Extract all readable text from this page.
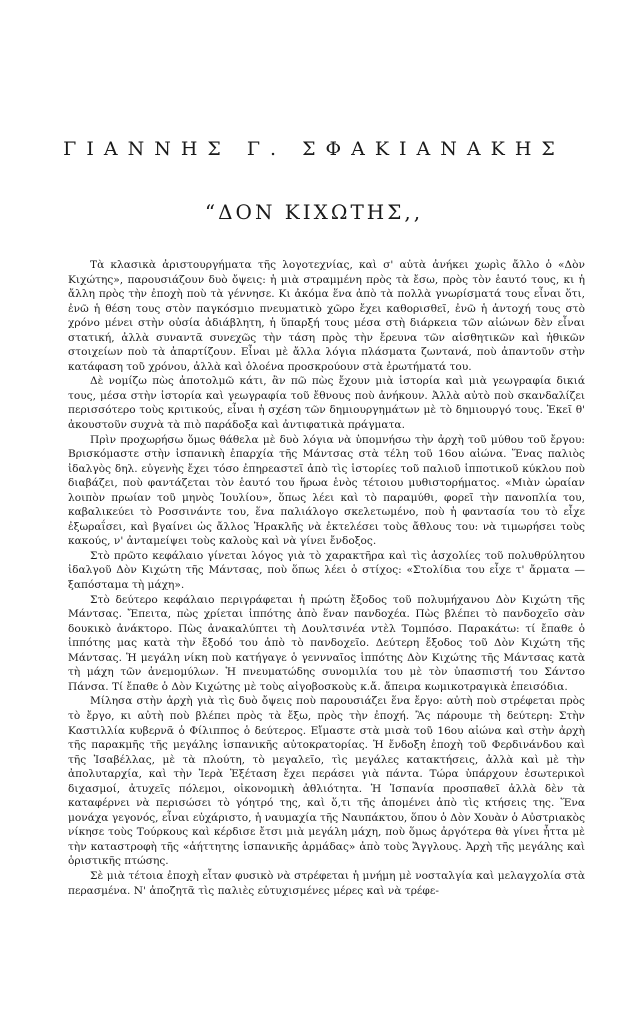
ΓΙΑΝΝΗΣ Γ. ΣΦΑΚΙΑΝΑΚΗΣ
“ΔΟΝ ΚΙΧΩΤΗΣ,,

Τὰ κλασικὰ ἀριστουργήματα τῆς λογοτεχνίας, καὶ σ' αὐτὰ ἀνήκει χωρὶς ἄλλο ὁ «Δὸν Κιχώτης», παρουσιάζουν δυὸ ὄψεις: ἡ μιὰ στραμμένη πρὸς τὰ ἔσω, πρὸς τὸν ἑαυτό τους, κι ἡ ἄλλη πρὸς τὴν ἐποχὴ ποὺ τὰ γέννησε. Κι ἀκόμα ἕνα ἀπὸ τὰ πολλὰ γνωρίσματά τους εἶναι ὅτι, ἐνῶ ἡ θέση τους στὸν παγκόσμιο πνευματικὸ χῶρο ἔχει καθορισθεῖ, ἐνῶ ἡ ἀντοχή τους στὸ χρόνο μένει στὴν οὐσία ἀδιάβλητη, ἡ ὕπαρξή τους μέσα στὴ διάρκεια τῶν αἰώνων δὲν εἶναι στατική, ἀλλὰ συναντᾶ συνεχῶς τὴν τάση πρὸς τὴν ἔρευνα τῶν αἰσθητικῶν καὶ ἠθικῶν στοιχείων ποὺ τὰ ἀπαρτίζουν. Εἶναι μὲ ἄλλα λόγια πλάσματα ζωντανά, ποὺ ἀπαντοῦν στὴν κατάφαση τοῦ χρόνου, ἀλλὰ καὶ ὁλοένα προσκρούουν στὰ ἐρωτήματά του.

Δὲ νομίζω πὼς ἀποτολμῶ κάτι, ἂν πῶ πὼς ἔχουν μιὰ ἱστορία καὶ μιὰ γεωγραφία δικιά τους, μέσα στὴν ἱστορία καὶ γεωγραφία τοῦ ἔθνους ποὺ ἀνήκουν. Ἀλλὰ αὐτὸ ποὺ σκανδαλίζει περισσότερο τοὺς κριτικούς, εἶναι ἡ σχέση τῶν δημιουργημάτων μὲ τὸ δημιουργό τους. Ἐκεῖ θ' ἀκουστοῦν συχνὰ τὰ πιὸ παράδοξα καὶ ἀντιφατικὰ πράγματα.

Πρὶν προχωρήσω ὅμως θάθελα μὲ δυὸ λόγια νὰ ὑπομνήσω τὴν ἀρχὴ τοῦ μύθου τοῦ ἔργου: Βρισκόμαστε στὴν ἱσπανικὴ ἐπαρχία τῆς Μάντσας στὰ τέλη τοῦ 16ου αἰώνα. Ἕνας παλιὸς ἰδαλγὸς δηλ. εὐγενὴς ἔχει τόσο ἐπηρεαστεῖ ἀπὸ τὶς ἱστορίες τοῦ παλιοῦ ἱπποτικοῦ κύκλου ποὺ διαβάζει, ποὺ φαντάζεται τὸν ἑαυτό του ἥρωα ἑνὸς τέτοιου μυθιστορήματος. «Μιὰν ὡραίαν λοιπὸν πρωίαν τοῦ μηνὸς Ἰουλίου», ὅπως λέει καὶ τὸ παραμύθι, φορεῖ τὴν πανοπλία του, καβαλικεύει τὸ Ροσσινάντε του, ἕνα παλιάλογο σκελετωμένο, ποὺ ἡ φαντασία του τὸ εἶχε ἐξωραΐσει, καὶ βγαίνει ὡς ἄλλος Ἡρακλῆς νὰ ἐκτελέσει τοὺς ἄθλους του: νὰ τιμωρήσει τοὺς κακούς, ν' ἀνταμείψει τοὺς καλοὺς καὶ νὰ γίνει ἔνδοξος.

Στὸ πρῶτο κεφάλαιο γίνεται λόγος γιὰ τὸ χαρακτῆρα καὶ τὶς ἀσχολίες τοῦ πολυθρύλητου ἰδαλγοῦ Δὸν Κιχώτη τῆς Μάντσας, ποὺ ὅπως λέει ὁ στίχος: «Στολίδια του εἶχε τ' ἄρματα — ξαπόσταμα τὴ μάχη».

Στὸ δεύτερο κεφάλαιο περιγράφεται ἡ πρώτη ἔξοδος τοῦ πολυμήχανου Δὸν Κιχώτη τῆς Μάντσας. Ἔπειτα, πὼς χρίεται ἱππότης ἀπὸ ἕναν πανδοχέα. Πὼς βλέπει τὸ πανδοχεῖο σὰν δουκικὸ ἀνάκτορο. Πὼς ἀνακαλύπτει τὴ Δουλτσινέα ντὲλ Τομπόσο. Παρακάτω: τί ἔπαθε ὁ ἱππότης μας κατὰ τὴν ἔξοδό του ἀπὸ τὸ πανδοχεῖο. Δεύτερη ἔξοδος τοῦ Δὸν Κιχώτη τῆς Μάντσας. Ἡ μεγάλη νίκη ποὺ κατήγαγε ὁ γεννναῖος ἱππότης Δὸν Κιχώτης τῆς Μάντσας κατὰ τὴ μάχη τῶν ἀνεμομύλων. Ἡ πνευματώδης συνομιλία του μὲ τὸν ὑπασπιστή του Σάντσο Πάνσα. Τί ἔπαθε ὁ Δὸν Κιχώτης μὲ τοὺς αἰγοβοσκοὺς κ.ἄ. ἄπειρα κωμικοτραγικὰ ἐπεισόδια.

Μίλησα στὴν ἀρχὴ γιὰ τὶς δυὸ ὄψεις ποὺ παρουσιάζει ἕνα ἔργο: αὐτὴ ποὺ στρέφεται πρὸς τὸ ἔργο, κι αὐτὴ ποὺ βλέπει πρὸς τὰ ἔξω, πρὸς τὴν ἐποχή. Ἂς πάρουμε τὴ δεύτερη: Στὴν Καστιλλία κυβερνᾶ ὁ Φίλιππος ὁ δεύτερος. Εἴμαστε στὰ μισὰ τοῦ 16ου αἰώνα καὶ στὴν ἀρχὴ τῆς παρακμῆς τῆς μεγάλης ἱσπανικῆς αὐτοκρατορίας. Ἡ ἔνδοξη ἐποχὴ τοῦ Φερδινάνδου καὶ τῆς Ἰσαβέλλας, μὲ τὰ πλούτη, τὸ μεγαλεῖο, τὶς μεγάλες κατακτήσεις, ἀλλὰ καὶ μὲ τὴν ἀπολυταρχία, καὶ τὴν Ἱερὰ Ἐξέταση ἔχει περάσει γιὰ πάντα. Τώρα ὑπάρχουν ἐσωτερικοὶ διχασμοί, ἀτυχεῖς πόλεμοι, οἰκονομικὴ ἀθλιότητα. Ἡ Ἱσπανία προσπαθεῖ ἀλλὰ δὲν τὰ καταφέρνει νὰ περισώσει τὸ γόητρό της, καὶ ὅ,τι τῆς ἀπομένει ἀπὸ τὶς κτήσεις της. Ἕνα μονάχα γεγονός, εἶναι εὐχάριστο, ἡ ναυμαχία τῆς Ναυπάκτου, ὅπου ὁ Δὸν Χουὰν ὁ Αὐστριακὸς νίκησε τοὺς Τούρκους καὶ κέρδισε ἔτσι μιὰ μεγάλη μάχη, ποὺ ὅμως ἀργότερα θὰ γίνει ἧττα μὲ τὴν καταστροφὴ τῆς «ἀήττητης ἱσπανικῆς ἀρμάδας» ἀπὸ τοὺς Ἄγγλους. Ἀρχὴ τῆς μεγάλης καὶ ὁριστικῆς πτώσης.

Σὲ μιὰ τέτοια ἐποχὴ εἶταν φυσικὸ νὰ στρέφεται ἡ μνήμη μὲ νοσταλγία καὶ μελαγχολία στὰ περασμένα. Ν' ἀποζητᾶ τὶς παλιὲς εὐτυχισμένες μέρες καὶ νὰ τρέφε-
